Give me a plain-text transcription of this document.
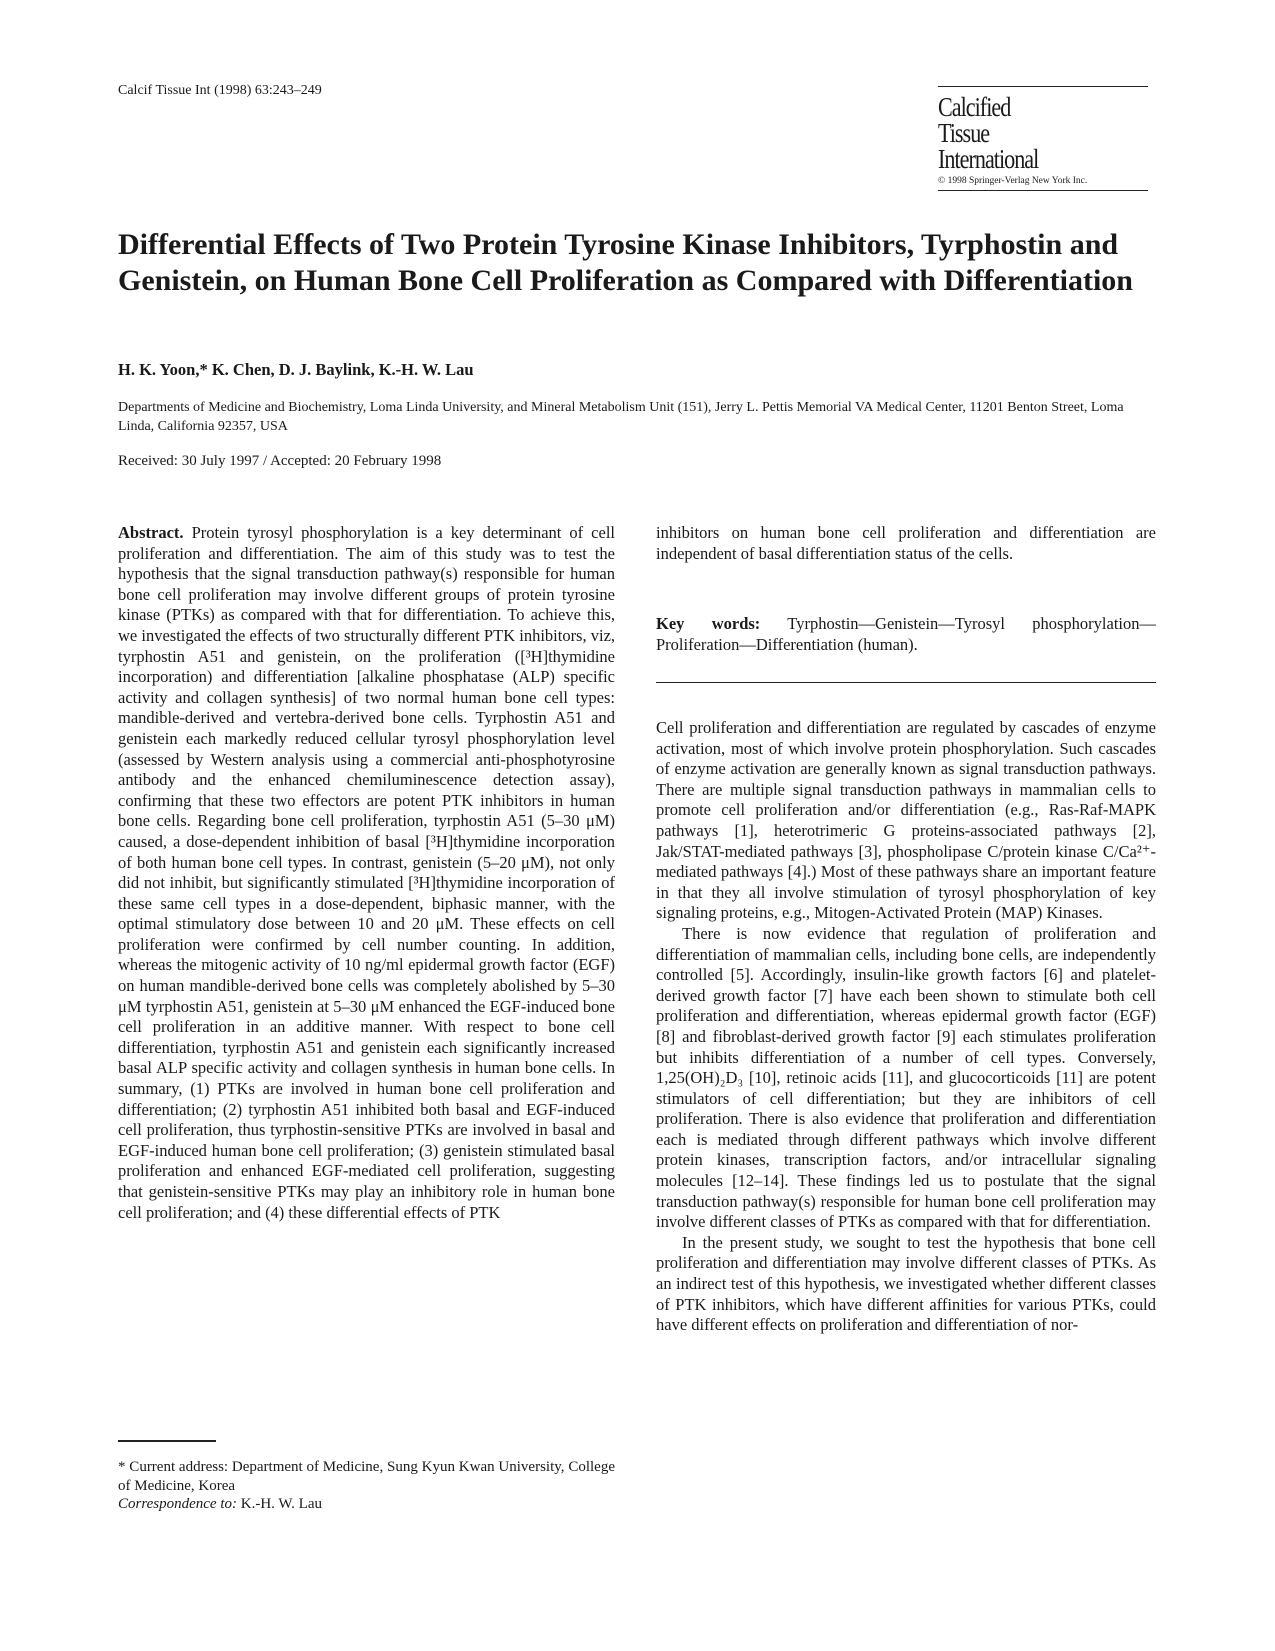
Calcif Tissue Int (1998) 63:243–249
Calcified
Tissue
International
© 1998 Springer-Verlag New York Inc.
Differential Effects of Two Protein Tyrosine Kinase Inhibitors, Tyrphostin and Genistein, on Human Bone Cell Proliferation as Compared with Differentiation
H. K. Yoon,* K. Chen, D. J. Baylink, K.-H. W. Lau
Departments of Medicine and Biochemistry, Loma Linda University, and Mineral Metabolism Unit (151), Jerry L. Pettis Memorial VA Medical Center, 11201 Benton Street, Loma Linda, California 92357, USA
Received: 30 July 1997 / Accepted: 20 February 1998
Abstract. Protein tyrosyl phosphorylation is a key determinant of cell proliferation and differentiation. The aim of this study was to test the hypothesis that the signal transduction pathway(s) responsible for human bone cell proliferation may involve different groups of protein tyrosine kinase (PTKs) as compared with that for differentiation. To achieve this, we investigated the effects of two structurally different PTK inhibitors, viz, tyrphostin A51 and genistein, on the proliferation ([³H]thymidine incorporation) and differentiation [alkaline phosphatase (ALP) specific activity and collagen synthesis] of two normal human bone cell types: mandible-derived and vertebra-derived bone cells. Tyrphostin A51 and genistein each markedly reduced cellular tyrosyl phosphorylation level (assessed by Western analysis using a commercial anti-phosphotyrosine antibody and the enhanced chemiluminescence detection assay), confirming that these two effectors are potent PTK inhibitors in human bone cells. Regarding bone cell proliferation, tyrphostin A51 (5–30 μM) caused, a dose-dependent inhibition of basal [³H]thymidine incorporation of both human bone cell types. In contrast, genistein (5–20 μM), not only did not inhibit, but significantly stimulated [³H]thymidine incorporation of these same cell types in a dose-dependent, biphasic manner, with the optimal stimulatory dose between 10 and 20 μM. These effects on cell proliferation were confirmed by cell number counting. In addition, whereas the mitogenic activity of 10 ng/ml epidermal growth factor (EGF) on human mandible-derived bone cells was completely abolished by 5–30 μM tyrphostin A51, genistein at 5–30 μM enhanced the EGF-induced bone cell proliferation in an additive manner. With respect to bone cell differentiation, tyrphostin A51 and genistein each significantly increased basal ALP specific activity and collagen synthesis in human bone cells. In summary, (1) PTKs are involved in human bone cell proliferation and differentiation; (2) tyrphostin A51 inhibited both basal and EGF-induced cell proliferation, thus tyrphostin-sensitive PTKs are involved in basal and EGF-induced human bone cell proliferation; (3) genistein stimulated basal proliferation and enhanced EGF-mediated cell proliferation, suggesting that genistein-sensitive PTKs may play an inhibitory role in human bone cell proliferation; and (4) these differential effects of PTK
inhibitors on human bone cell proliferation and differentiation are independent of basal differentiation status of the cells.
Key words: Tyrphostin—Genistein—Tyrosyl phosphorylation—Proliferation—Differentiation (human).

Cell proliferation and differentiation are regulated by cascades of enzyme activation, most of which involve protein phosphorylation. Such cascades of enzyme activation are generally known as signal transduction pathways. There are multiple signal transduction pathways in mammalian cells to promote cell proliferation and/or differentiation (e.g., Ras-Raf-MAPK pathways [1], heterotrimeric G proteins-associated pathways [2], Jak/STAT-mediated pathways [3], phospholipase C/protein kinase C/Ca²⁺-mediated pathways [4].) Most of these pathways share an important feature in that they all involve stimulation of tyrosyl phosphorylation of key signaling proteins, e.g., Mitogen-Activated Protein (MAP) Kinases.

There is now evidence that regulation of proliferation and differentiation of mammalian cells, including bone cells, are independently controlled [5]. Accordingly, insulin-like growth factors [6] and platelet-derived growth factor [7] have each been shown to stimulate both cell proliferation and differentiation, whereas epidermal growth factor (EGF) [8] and fibroblast-derived growth factor [9] each stimulates proliferation but inhibits differentiation of a number of cell types. Conversely, 1,25(OH)₂D₃ [10], retinoic acids [11], and glucocorticoids [11] are potent stimulators of cell differentiation; but they are inhibitors of cell proliferation. There is also evidence that proliferation and differentiation each is mediated through different pathways which involve different protein kinases, transcription factors, and/or intracellular signaling molecules [12–14]. These findings led us to postulate that the signal transduction pathway(s) responsible for human bone cell proliferation may involve different classes of PTKs as compared with that for differentiation.

In the present study, we sought to test the hypothesis that bone cell proliferation and differentiation may involve different classes of PTKs. As an indirect test of this hypothesis, we investigated whether different classes of PTK inhibitors, which have different affinities for various PTKs, could have different effects on proliferation and differentiation of nor-

* Current address: Department of Medicine, Sung Kyun Kwan University, College of Medicine, Korea
Correspondence to: K.-H. W. Lau
